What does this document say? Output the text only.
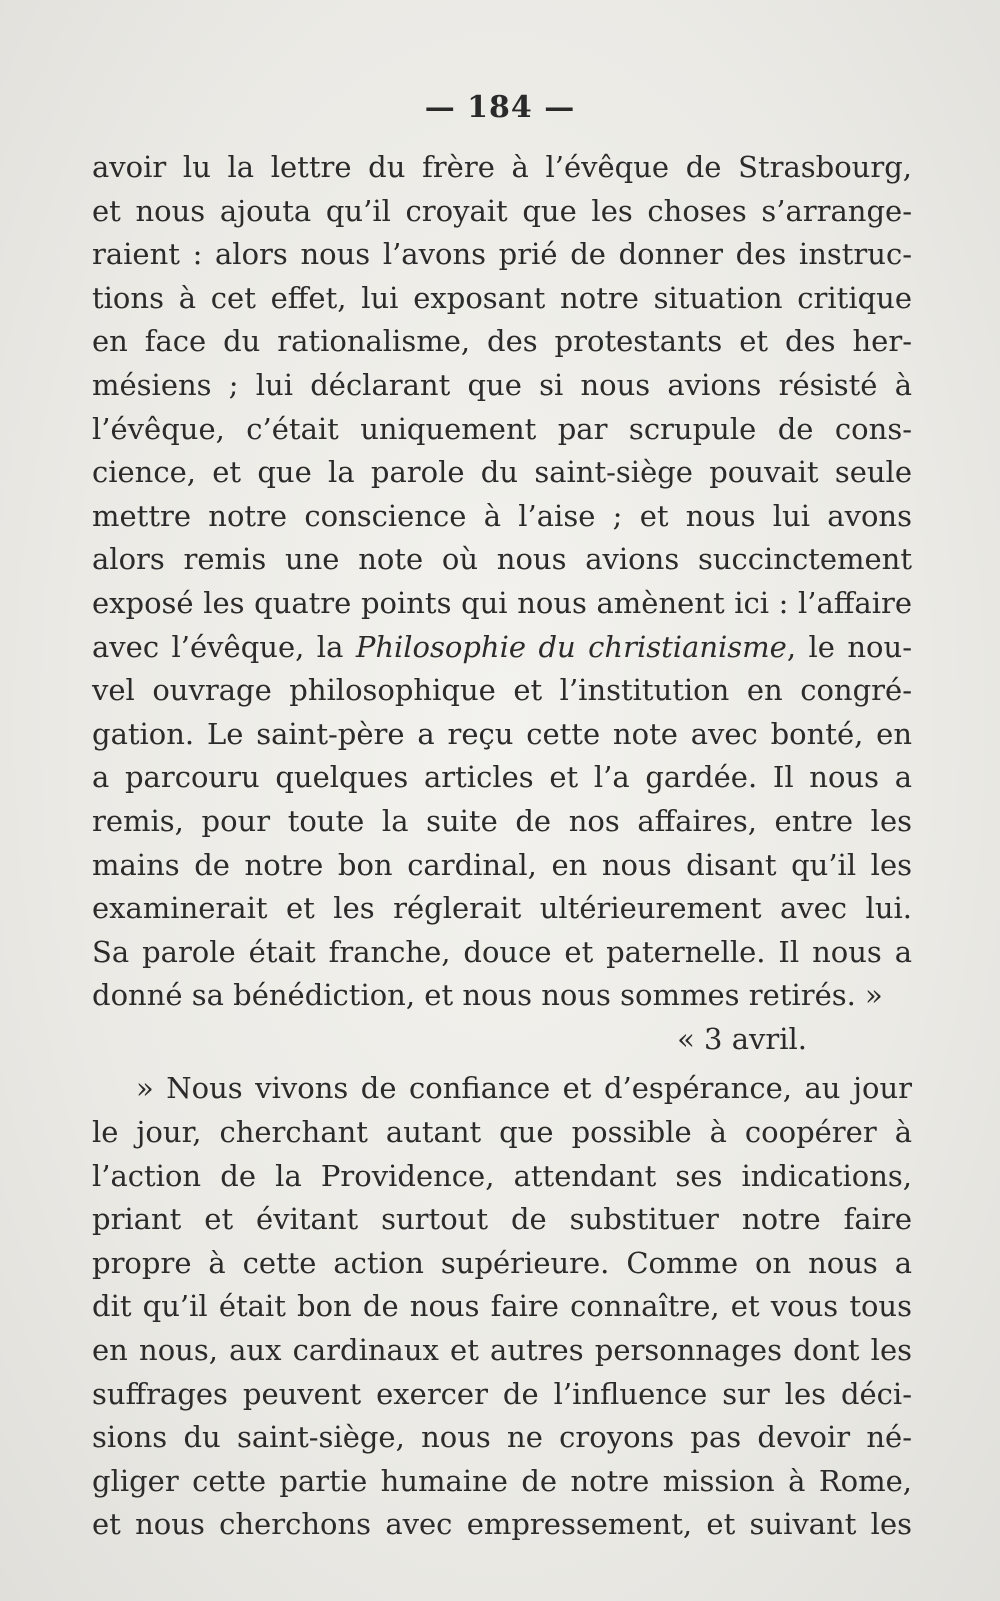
— 184 —
avoir lu la lettre du frère à l’évêque de Strasbourg,
et nous ajouta qu’il croyait que les choses s’arrange-
raient : alors nous l’avons prié de donner des instruc-
tions à cet effet, lui exposant notre situation critique
en face du rationalisme, des protestants et des her-
mésiens ; lui déclarant que si nous avions résisté à
l’évêque, c’était uniquement par scrupule de cons-
cience, et que la parole du saint-siège pouvait seule
mettre notre conscience à l’aise ; et nous lui avons
alors remis une note où nous avions succinctement
exposé les quatre points qui nous amènent ici : l’affaire
avec l’évêque, la Philosophie du christianisme, le nou-
vel ouvrage philosophique et l’institution en congré-
gation. Le saint-père a reçu cette note avec bonté, en
a parcouru quelques articles et l’a gardée. Il nous a
remis, pour toute la suite de nos affaires, entre les
mains de notre bon cardinal, en nous disant qu’il les
examinerait et les réglerait ultérieurement avec lui.
Sa parole était franche, douce et paternelle. Il nous a
donné sa bénédiction, et nous nous sommes retirés. »
« 3 avril.
» Nous vivons de confiance et d’espérance, au jour
le jour, cherchant autant que possible à coopérer à
l’action de la Providence, attendant ses indications,
priant et évitant surtout de substituer notre faire
propre à cette action supérieure. Comme on nous a
dit qu’il était bon de nous faire connaître, et vous tous
en nous, aux cardinaux et autres personnages dont les
suffrages peuvent exercer de l’influence sur les déci-
sions du saint-siège, nous ne croyons pas devoir né-
gliger cette partie humaine de notre mission à Rome,
et nous cherchons avec empressement, et suivant les
